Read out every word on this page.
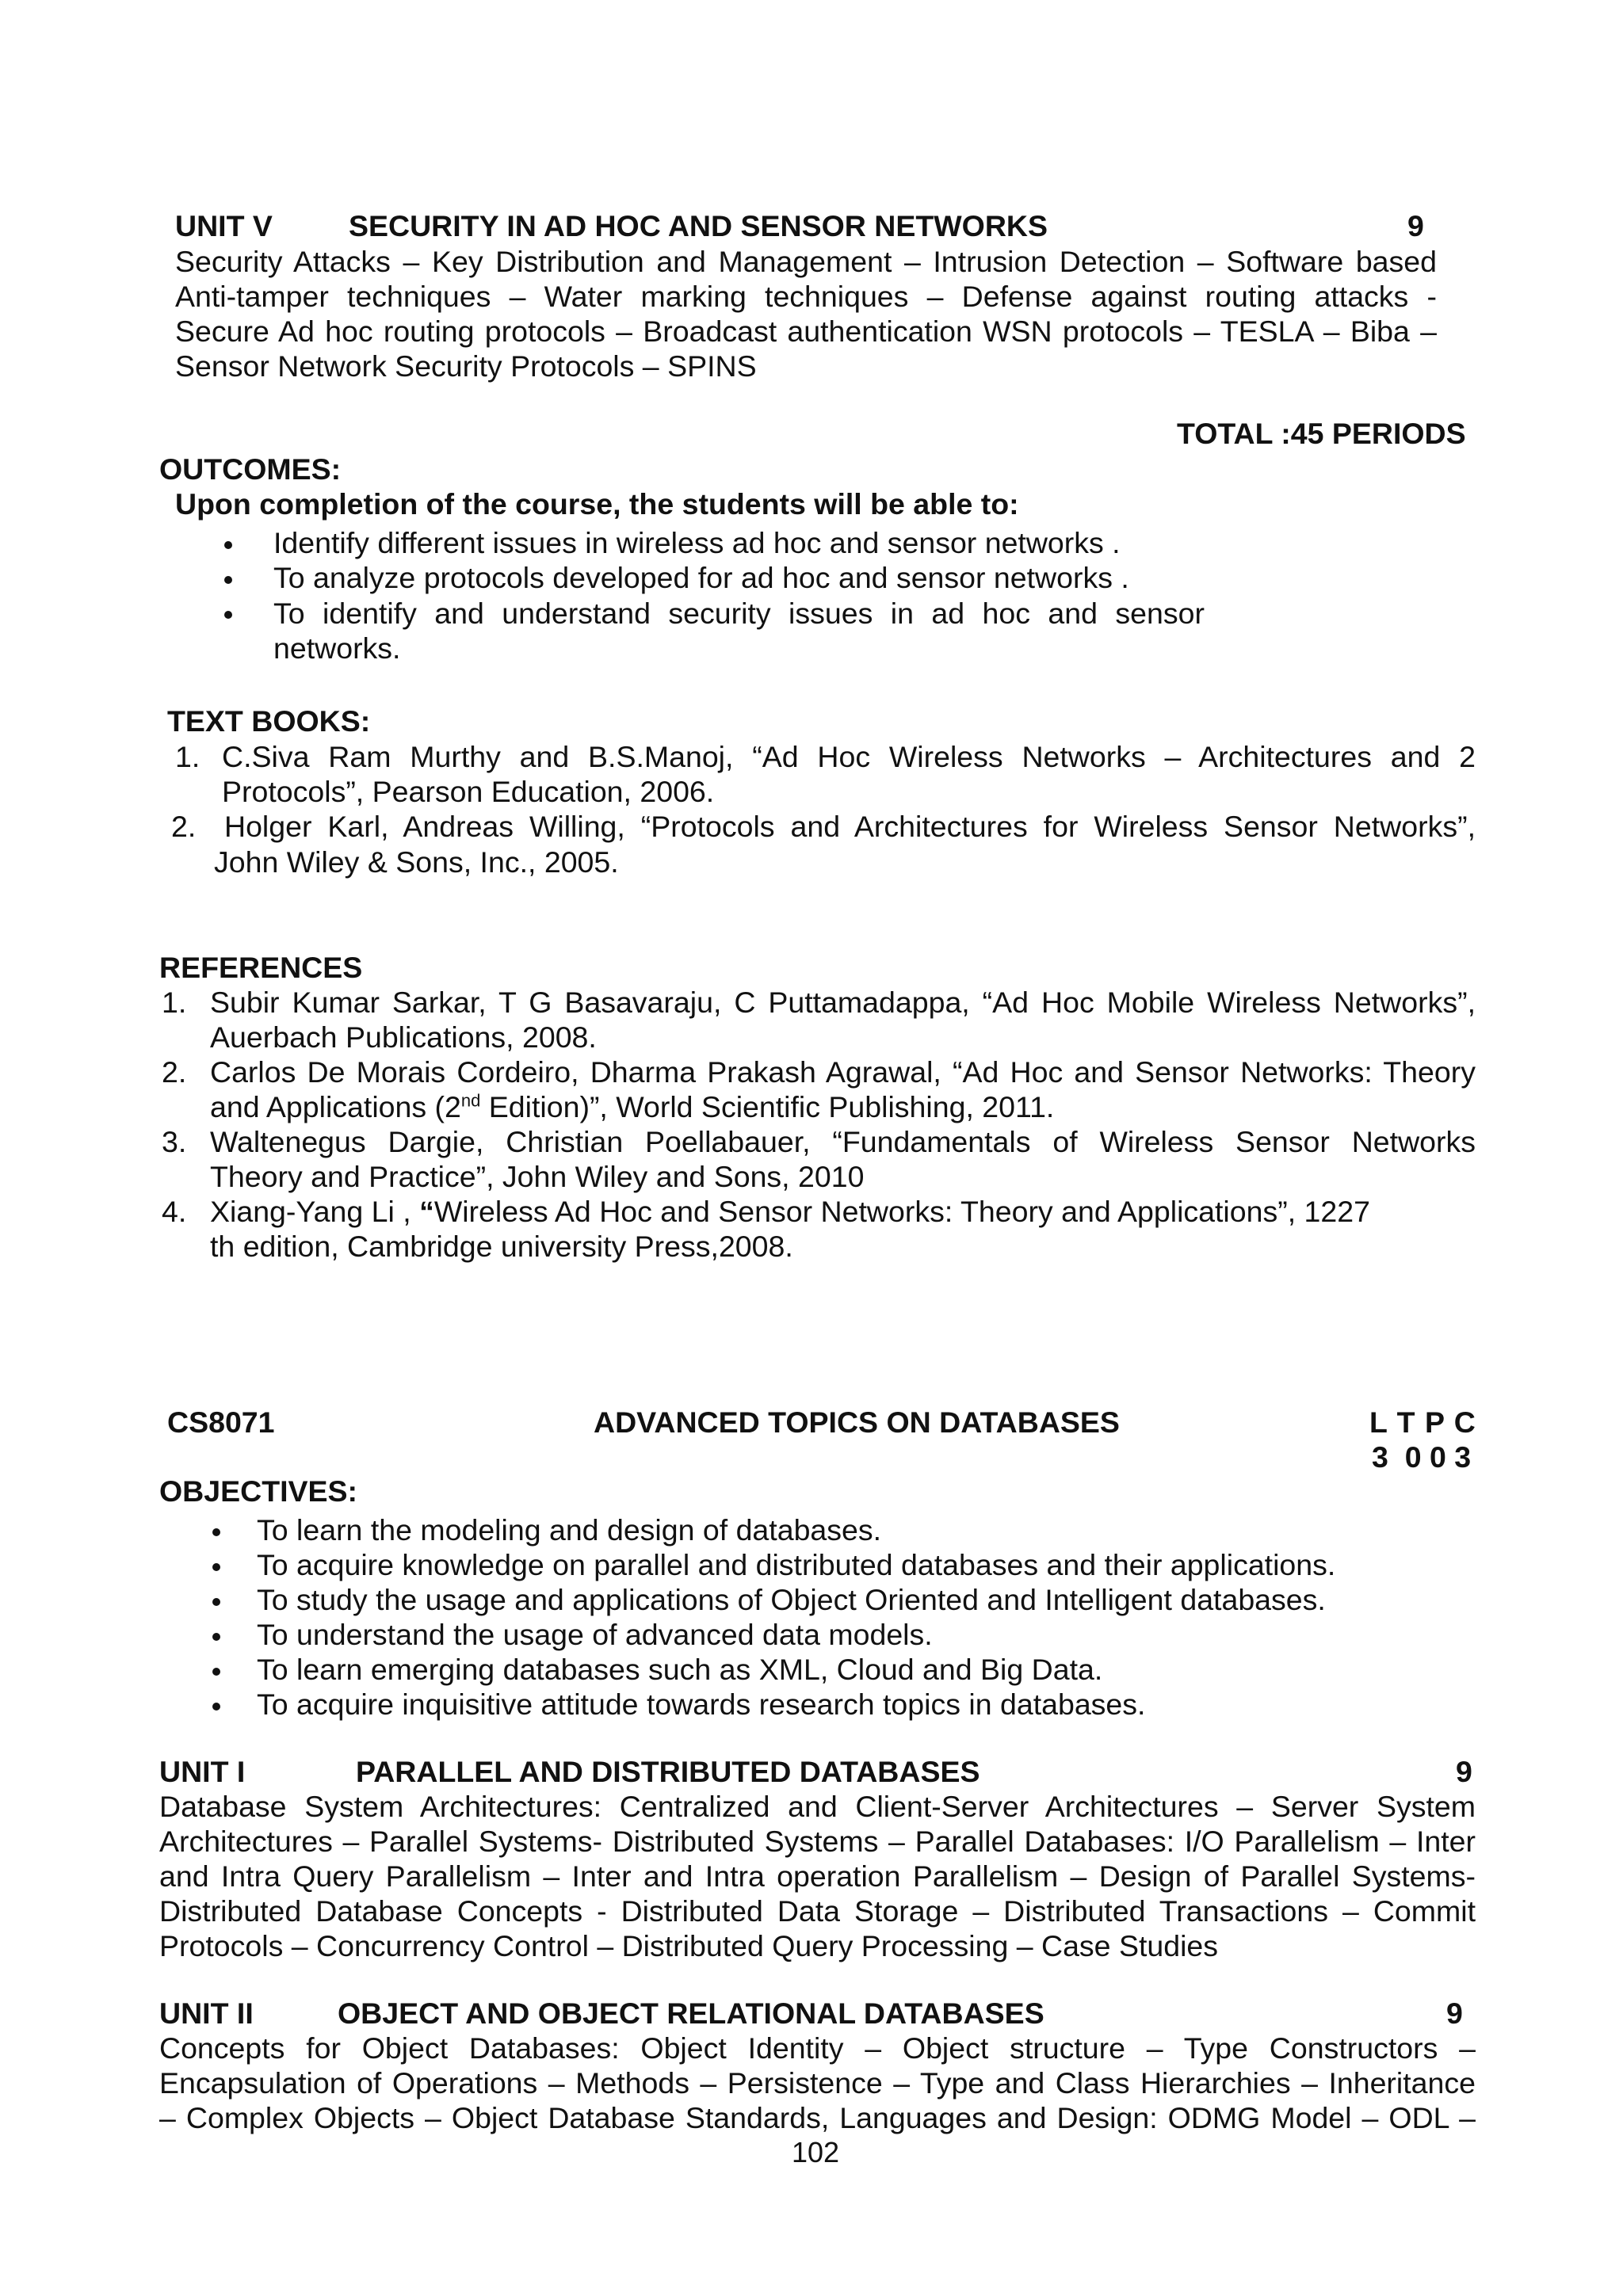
UNIT V	SECURITY IN AD HOC AND SENSOR NETWORKS	9
Security Attacks – Key Distribution and Management – Intrusion Detection – Software based
Anti-tamper techniques – Water marking techniques – Defense against routing attacks -
Secure Ad hoc routing protocols – Broadcast authentication WSN protocols – TESLA – Biba –
Sensor Network Security Protocols – SPINS
TOTAL :45 PERIODS
OUTCOMES:
Upon completion of the course, the students will be able to:
Identify different issues in wireless ad hoc and sensor networks .
To analyze protocols developed for ad hoc and sensor networks .
To identify and understand security issues in ad hoc and sensor
networks.
TEXT BOOKS:
1. C.Siva Ram Murthy and B.S.Manoj, “Ad Hoc Wireless Networks – Architectures and 2
Protocols”, Pearson Education, 2006.
2. Holger Karl, Andreas Willing, “Protocols and Architectures for Wireless Sensor Networks”,
John Wiley & Sons, Inc., 2005.
REFERENCES
1. Subir Kumar Sarkar, T G Basavaraju, C Puttamadappa, “Ad Hoc Mobile Wireless Networks”,
Auerbach Publications, 2008.
2. Carlos De Morais Cordeiro, Dharma Prakash Agrawal, “Ad Hoc and Sensor Networks: Theory
and Applications (2nd Edition)”, World Scientific Publishing, 2011.
3. Waltenegus Dargie, Christian Poellabauer, “Fundamentals of Wireless Sensor Networks
Theory and Practice”, John Wiley and Sons, 2010
4. Xiang-Yang Li , “Wireless Ad Hoc and Sensor Networks: Theory and Applications”, 1227
th edition, Cambridge university Press,2008.
CS8071	ADVANCED TOPICS ON DATABASES	L T P C
3  0 0 3
OBJECTIVES:
To learn the modeling and design of databases.
To acquire knowledge on parallel and distributed databases and their applications.
To study the usage and applications of Object Oriented and Intelligent databases.
To understand the usage of advanced data models.
To learn emerging databases such as XML, Cloud and Big Data.
To acquire inquisitive attitude towards research topics in databases.
UNIT I	PARALLEL AND DISTRIBUTED DATABASES	9
Database System Architectures: Centralized and Client-Server Architectures – Server System
Architectures – Parallel Systems- Distributed Systems – Parallel Databases: I/O Parallelism – Inter
and Intra Query Parallelism – Inter and Intra operation Parallelism – Design of Parallel Systems-
Distributed Database Concepts - Distributed Data Storage – Distributed Transactions – Commit
Protocols – Concurrency Control – Distributed Query Processing – Case Studies
UNIT II	OBJECT AND OBJECT RELATIONAL DATABASES	9
Concepts for Object Databases: Object Identity – Object structure – Type Constructors –
Encapsulation of Operations – Methods – Persistence – Type and Class Hierarchies – Inheritance
– Complex Objects – Object Database Standards, Languages and Design: ODMG Model – ODL –
102
